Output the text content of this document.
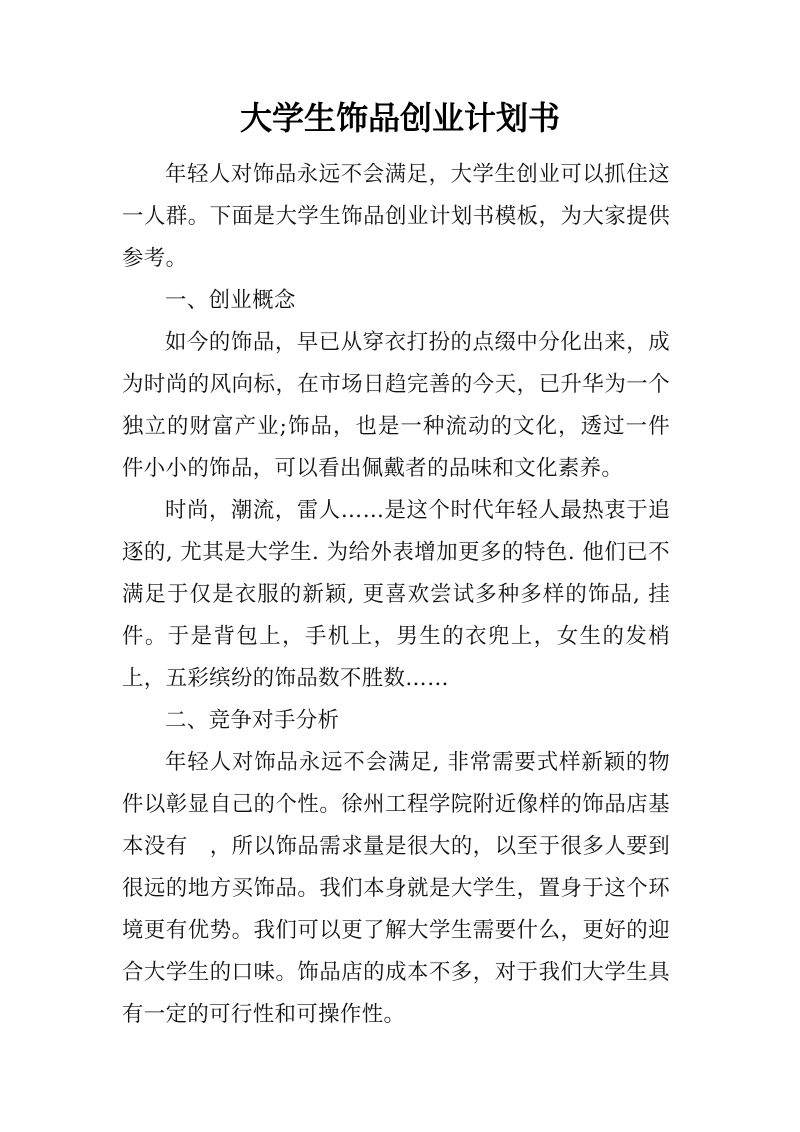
大学生饰品创业计划书

年轻人对饰品永远不会满足，大学生创业可以抓住这一人群。下面是大学生饰品创业计划书模板，为大家提供参考。

一、创业概念

如今的饰品，早已从穿衣打扮的点缀中分化出来，成为时尚的风向标，在市场日趋完善的今天，已升华为一个独立的财富产业;饰品，也是一种流动的文化，透过一件件小小的饰品，可以看出佩戴者的品味和文化素养。

时尚，潮流，雷人……是这个时代年轻人最热衷于追逐的, 尤其是大学生. 为给外表增加更多的特色. 他们已不满足于仅是衣服的新颖, 更喜欢尝试多种多样的饰品, 挂件。于是背包上，手机上，男生的衣兜上，女生的发梢上，五彩缤纷的饰品数不胜数……

二、竞争对手分析

年轻人对饰品永远不会满足, 非常需要式样新颖的物件以彰显自己的个性。徐州工程学院附近像样的饰品店基本没有　，所以饰品需求量是很大的，以至于很多人要到很远的地方买饰品。我们本身就是大学生，置身于这个环境更有优势。我们可以更了解大学生需要什么，更好的迎合大学生的口味。饰品店的成本不多，对于我们大学生具有一定的可行性和可操作性。
